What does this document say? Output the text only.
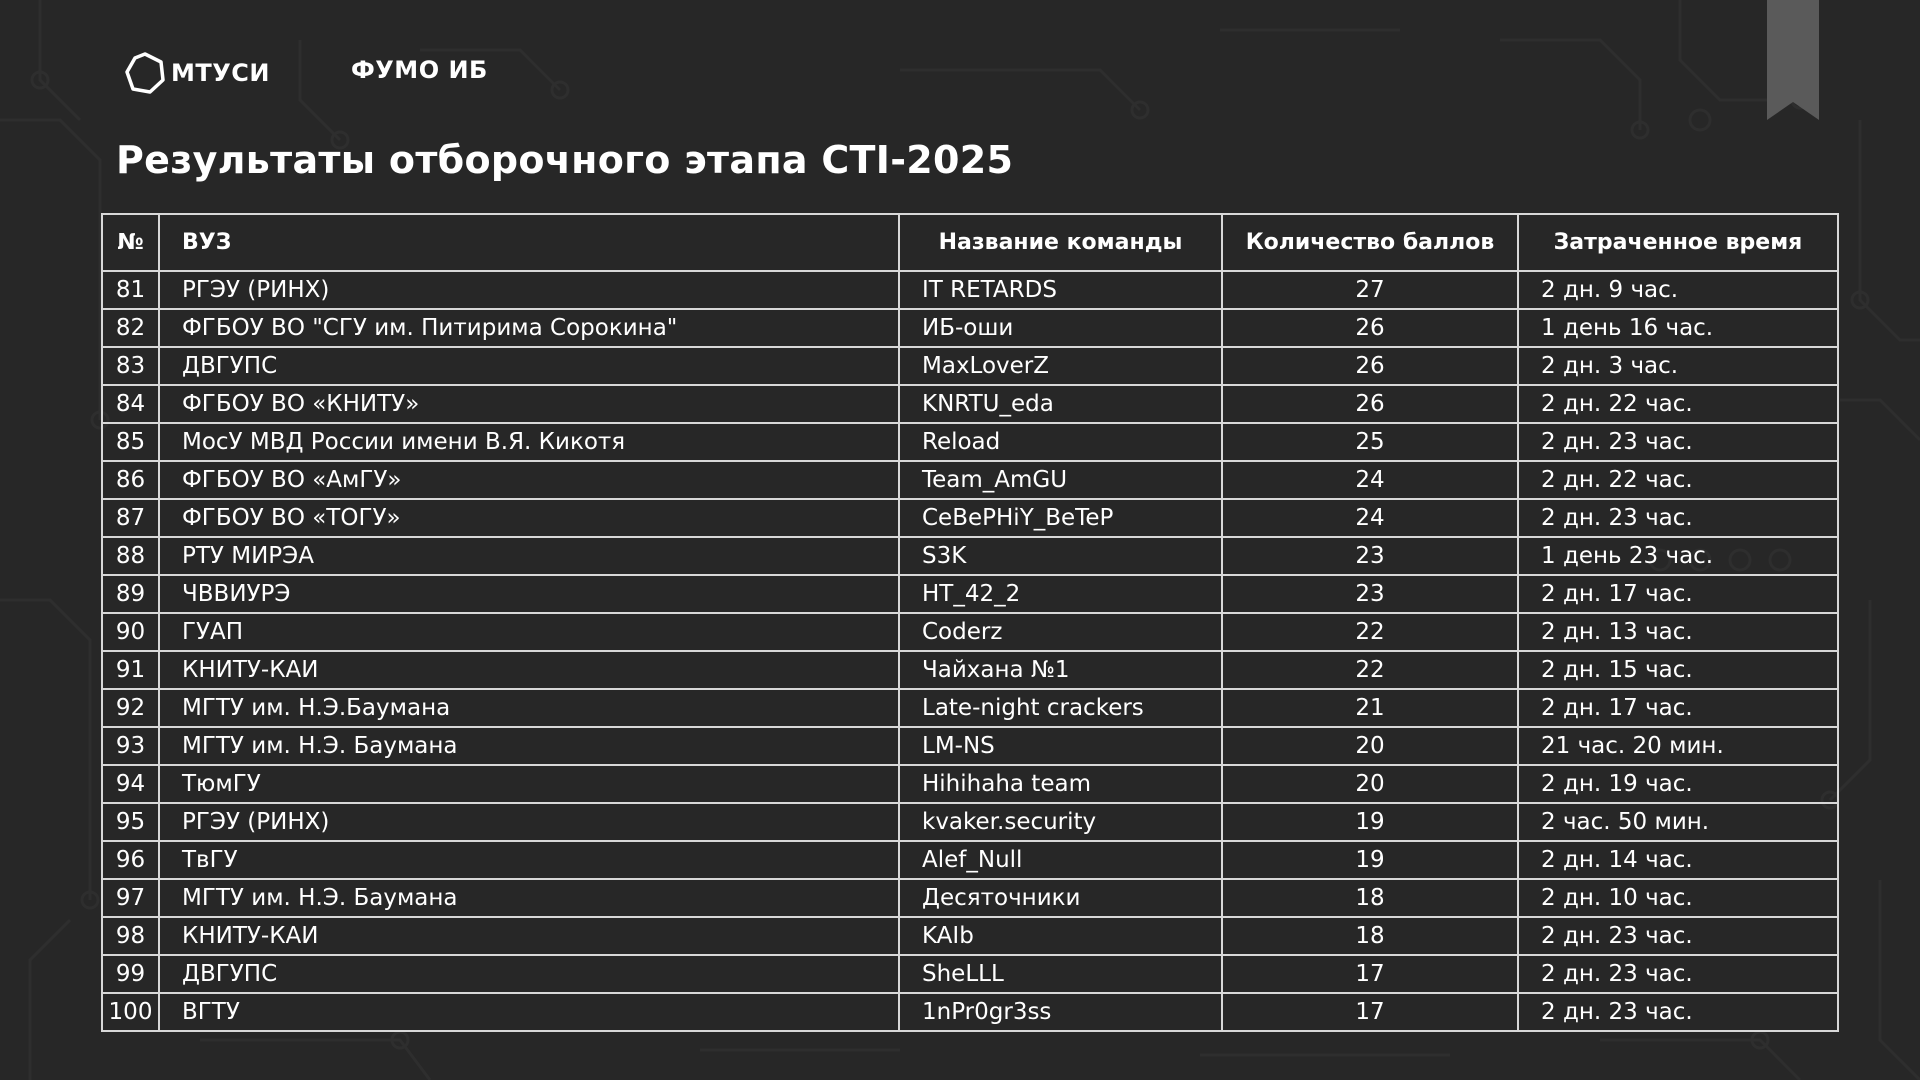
МТУСИ	ФУМО ИБ
Результаты отборочного этапа CTI-2025
№	ВУЗ	Название команды	Количество баллов	Затраченное время
81	РГЭУ (РИНХ)	IT RETARDS	27	2 дн. 9 час.
82	ФГБОУ ВО "СГУ им. Питирима Сорокина"	ИБ-оши	26	1 день 16 час.
83	ДВГУПС	MaxLoverZ	26	2 дн. 3 час.
84	ФГБОУ ВО «КНИТУ»	KNRTU_eda	26	2 дн. 22 час.
85	МосУ МВД России имени В.Я. Кикотя	Reload	25	2 дн. 23 час.
86	ФГБОУ ВО «АмГУ»	Team_AmGU	24	2 дн. 22 час.
87	ФГБОУ ВО «ТОГУ»	CeBePHiY_BeTeP	24	2 дн. 23 час.
88	РТУ МИРЭА	S3K	23	1 день 23 час.
89	ЧВВИУРЭ	HT_42_2	23	2 дн. 17 час.
90	ГУАП	Coderz	22	2 дн. 13 час.
91	КНИТУ-КАИ	Чайхана №1	22	2 дн. 15 час.
92	МГТУ им. Н.Э.Баумана	Late-night crackers	21	2 дн. 17 час.
93	МГТУ им. Н.Э. Баумана	LM-NS	20	21 час. 20 мин.
94	ТюмГУ	Hihihaha team	20	2 дн. 19 час.
95	РГЭУ (РИНХ)	kvaker.security	19	2 час. 50 мин.
96	ТвГУ	Alef_Null	19	2 дн. 14 час.
97	МГТУ им. Н.Э. Баумана	Десяточники	18	2 дн. 10 час.
98	КНИТУ-КАИ	KAIb	18	2 дн. 23 час.
99	ДВГУПС	SheLLL	17	2 дн. 23 час.
100	ВГТУ	1nPr0gr3ss	17	2 дн. 23 час.
